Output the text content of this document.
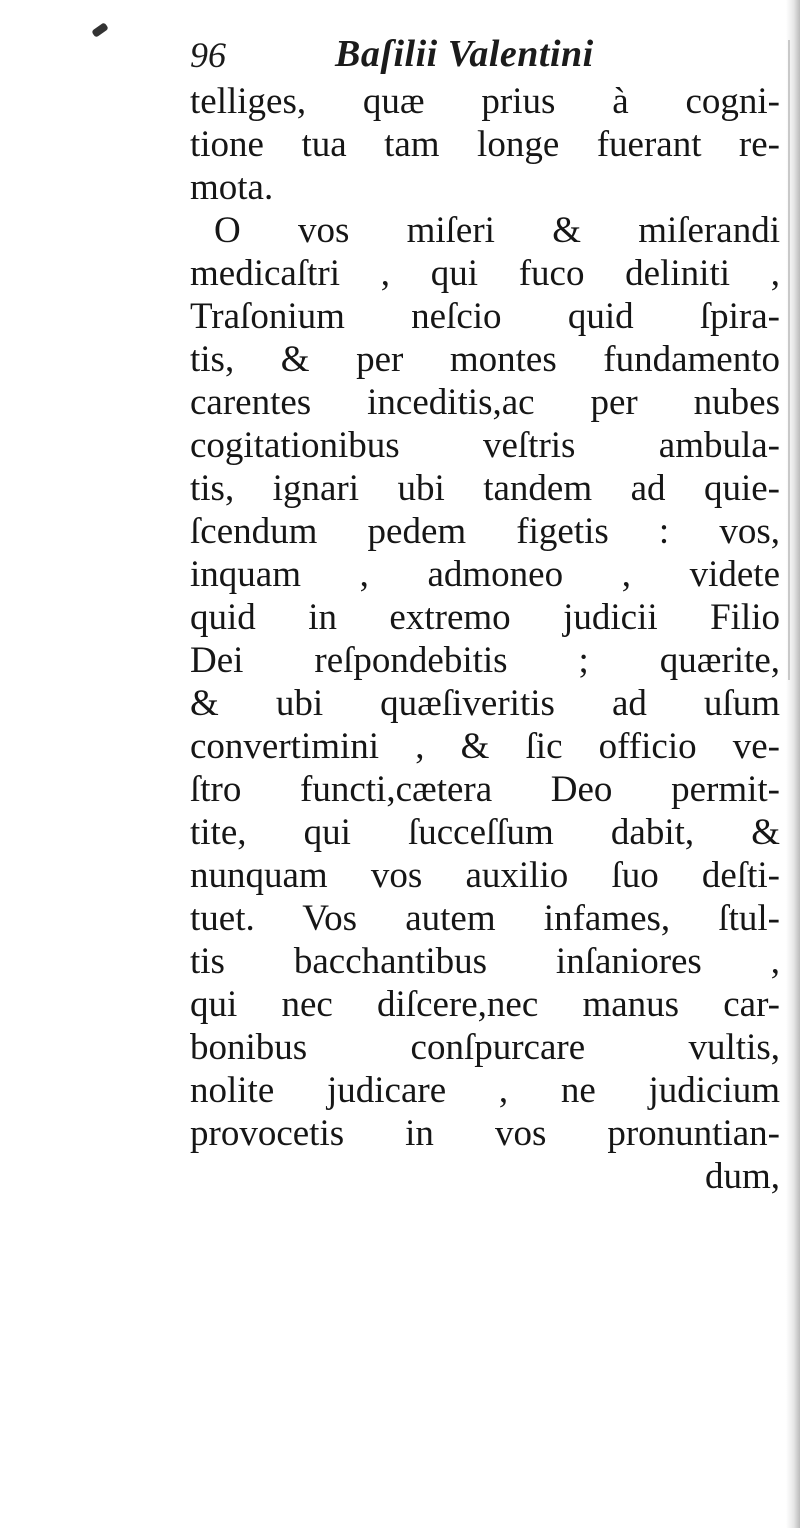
96	Baſilii Valentini
telliges, quæ prius à cogni-
tione tua tam longe fuerant re-
mota.
O vos miſeri & miſerandi
medicaſtri , qui fuco deliniti ,
Traſonium neſcio quid ſpira-
tis, & per montes fundamento
carentes inceditis,ac per nubes
cogitationibus veſtris ambula-
tis, ignari ubi tandem ad quie-
ſcendum pedem figetis : vos,
inquam , admoneo , videte
quid in extremo judicii Filio
Dei reſpondebitis ; quærite,
& ubi quæſiveritis ad uſum
convertimini , & ſic officio ve-
ſtro functi,cætera Deo permit-
tite, qui ſucceſſum dabit, &
nunquam vos auxilio ſuo deſti-
tuet. Vos autem infames, ſtul-
tis bacchantibus inſaniores ,
qui nec diſcere,nec manus car-
bonibus conſpurcare vultis,
nolite judicare , ne judicium
provocetis in vos pronuntian-
dum,
